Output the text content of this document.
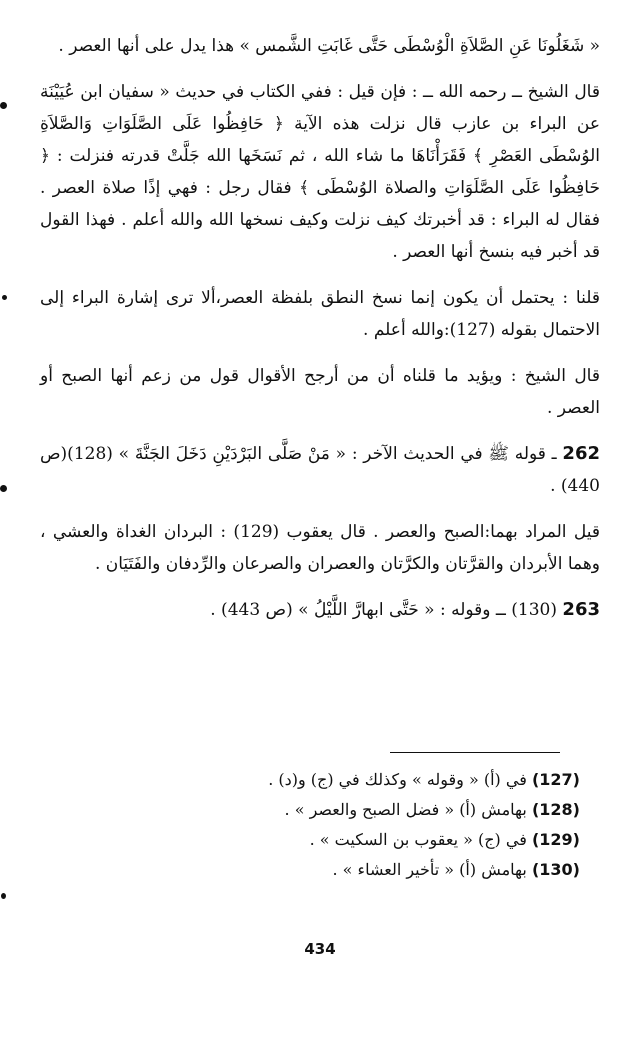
« شَغَلُونَا عَنِ الصَّلاَةِ الْوُسْطَى حَتَّى غَابَتِ الشَّمس » هذا يدل على أنها العصر .

قال الشيخ ــ رحمه الله ــ : فإن قيل : ففي الكتاب في حديث « سفيان ابن عُيَيْنَة عن البراء بن عازب قال نزلت هذه الآية ﴿ حَافِظُوا عَلَى الصَّلَوَاتِ وَالصَّلاَةِ الوُسْطَى العَصْرِ ﴾ فَقَرَأْنَاهَا ما شاء الله ، ثم نَسَخَها الله جَلَّتْ قدرته فنزلت : ﴿ حَافِظُوا عَلَى الصَّلَوَاتِ والصلاة الوُسْطَى ﴾ فقال رجل : فهي إذًا صلاة العصر . فقال له البراء : قد أخبرتك كيف نزلت وكيف نسخها الله والله أعلم . فهذا القول قد أخبر فيه بنسخ أنها العصر .

قلنا : يحتمل أن يكون إنما نسخ النطق بلفظة العصر،ألا ترى إشارة البراء إلى الاحتمال بقوله (127):والله أعلم .

قال الشيخ : ويؤيد ما قلناه أن من أرجح الأقوال قول من زعم أنها الصبح أو العصر .

262 ـ قوله ﷺ في الحديث الآخر : « مَنْ صَلَّى البَرْدَيْنِ دَخَلَ الجَنَّةَ » (128)(ص 440) .

قيل المراد بهما:الصبح والعصر . قال يعقوب (129) : البردان الغداة والعشي ، وهما الأبردان والقرَّتان والكرَّتان والعصران والصرعان والرِّدفان والفَتَيَان .

263 (130) ــ وقوله : « حَتَّى ابهارَّ اللَّيْلُ » (ص 443) .

(127) في (أ) « وقوله » وكذلك في (ج) و(د) .

(128) بهامش (أ) « فضل الصبح والعصر » .

(129) في (ج) « يعقوب بن السكيت » .

(130) بهامش (أ) « تأخير العشاء » .

434
